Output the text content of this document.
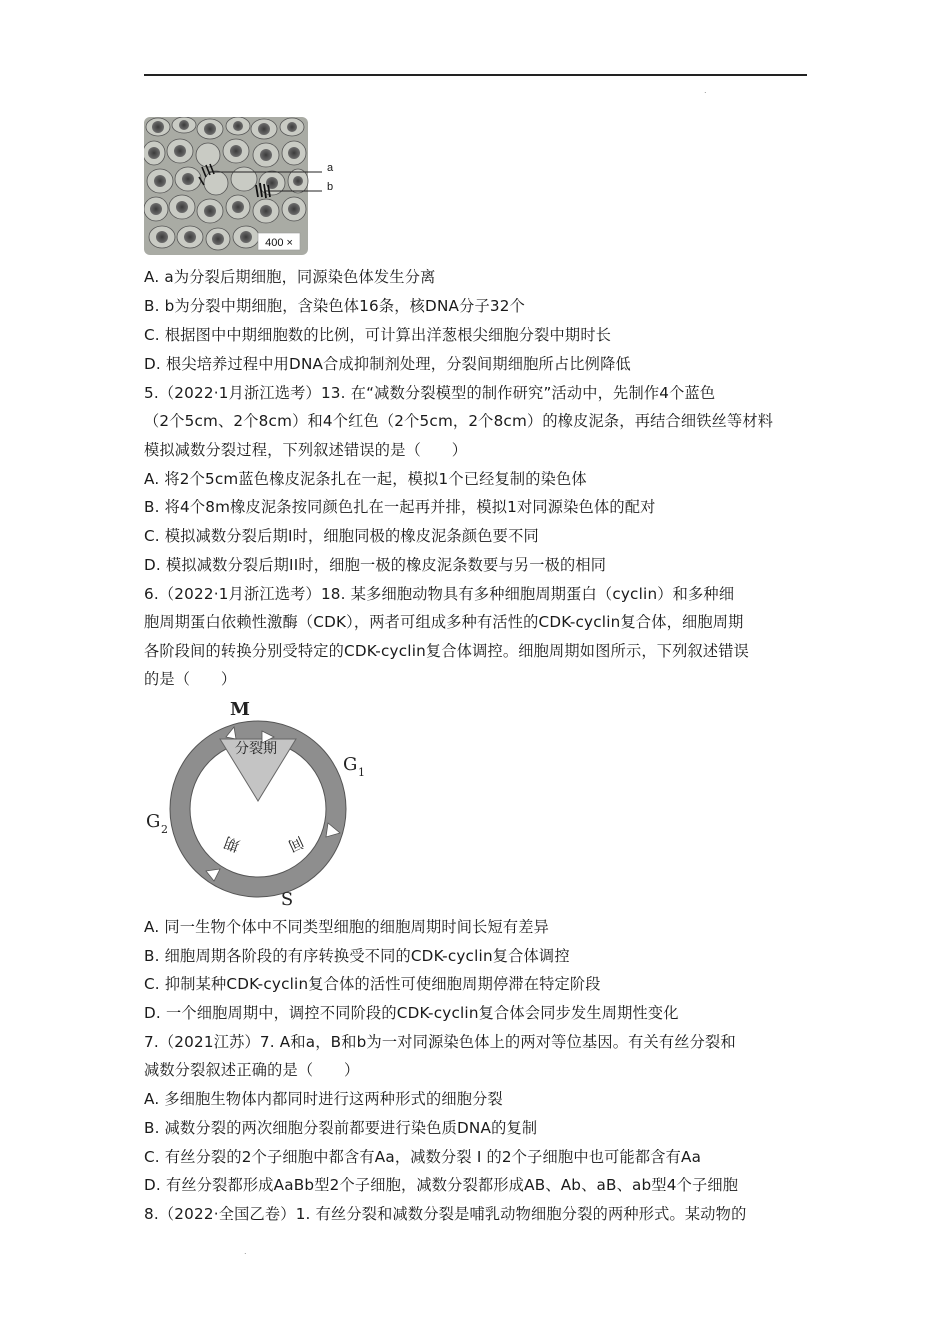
.
.
400 ×
a
b
A. a为分裂后期细胞，同源染色体发生分离
B. b为分裂中期细胞，含染色体16条，核DNA分子32个
C. 根据图中中期细胞数的比例，可计算出洋葱根尖细胞分裂中期时长
D. 根尖培养过程中用DNA合成抑制剂处理，分裂间期细胞所占比例降低
5.（2022·1月浙江选考）13. 在“减数分裂模型的制作研究”活动中，先制作4个蓝色
（2个5cm、2个8cm）和4个红色（2个5cm，2个8cm）的橡皮泥条，再结合细铁丝等材料
模拟减数分裂过程，下列叙述错误的是（　　）
A. 将2个5cm蓝色橡皮泥条扎在一起，模拟1个已经复制的染色体
B. 将4个8m橡皮泥条按同颜色扎在一起再并排，模拟1对同源染色体的配对
C. 模拟减数分裂后期I时，细胞同极的橡皮泥条颜色要不同
D. 模拟减数分裂后期II时，细胞一极的橡皮泥条数要与另一极的相同
6.（2022·1月浙江选考）18. 某多细胞动物具有多种细胞周期蛋白（cyclin）和多种细
胞周期蛋白依赖性激酶（CDK），两者可组成多种有活性的CDK-cyclin复合体，细胞周期
各阶段间的转换分别受特定的CDK-cyclin复合体调控。细胞周期如图所示，下列叙述错误
的是（　　）
分裂期
M
G 1
G 2
S
期	间
A. 同一生物个体中不同类型细胞的细胞周期时间长短有差异
B. 细胞周期各阶段的有序转换受不同的CDK-cyclin复合体调控
C. 抑制某种CDK-cyclin复合体的活性可使细胞周期停滞在特定阶段
D. 一个细胞周期中，调控不同阶段的CDK-cyclin复合体会同步发生周期性变化
7.（2021江苏）7. A和a，B和b为一对同源染色体上的两对等位基因。有关有丝分裂和
减数分裂叙述正确的是（　　）
A. 多细胞生物体内都同时进行这两种形式的细胞分裂
B. 减数分裂的两次细胞分裂前都要进行染色质DNA的复制
C. 有丝分裂的2个子细胞中都含有Aa，减数分裂 Ⅰ 的2个子细胞中也可能都含有Aa
D. 有丝分裂都形成AaBb型2个子细胞，减数分裂都形成AB、Ab、aB、ab型4个子细胞
8.（2022·全国乙卷）1. 有丝分裂和减数分裂是哺乳动物细胞分裂的两种形式。某动物的
